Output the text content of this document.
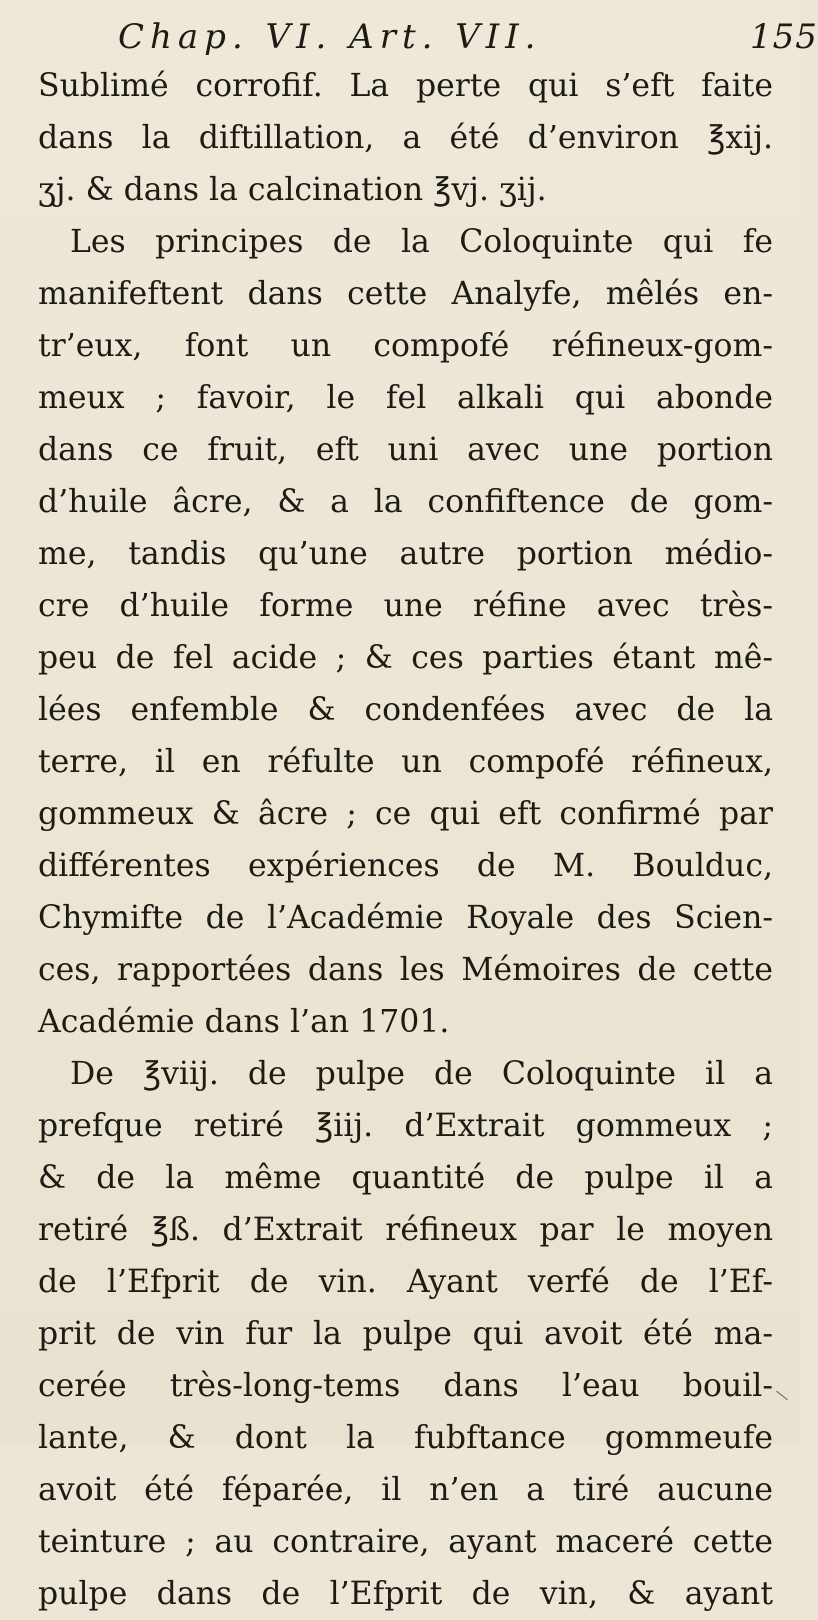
Chap. VI. Art. VII.	155
Sublimé corrofif. La perte qui s’eft faite
dans la diftillation, a été d’environ ℥xij.
ʒj. & dans la calcination ℥vj. ʒij.
Les principes de la Coloquinte qui fe
manifeftent dans cette Analyfe, mêlés en-
tr’eux, font un compofé réfineux-gom-
meux ; favoir, le fel alkali qui abonde
dans ce fruit, eft uni avec une portion
d’huile âcre, & a la confiftence de gom-
me, tandis qu’une autre portion médio-
cre d’huile forme une réfine avec très-
peu de fel acide ; & ces parties étant mê-
lées enfemble & condenfées avec de la
terre, il en réfulte un compofé réfineux,
gommeux & âcre ; ce qui eft confirmé par
différentes expériences de M. Boulduc,
Chymifte de l’Académie Royale des Scien-
ces, rapportées dans les Mémoires de cette
Académie dans l’an 1701.
De ℥viij. de pulpe de Coloquinte il a
prefque retiré ℥iij. d’Extrait gommeux ;
& de la même quantité de pulpe il a
retiré ℥ß. d’Extrait réfineux par le moyen
de l’Efprit de vin. Ayant verfé de l’Ef-
prit de vin fur la pulpe qui avoit été ma-
cerée très-long-tems dans l’eau bouil-
lante, & dont la fubftance gommeufe
avoit été féparée, il n’en a tiré aucune
teinture ; au contraire, ayant maceré cette
pulpe dans de l’Efprit de vin, & ayant
